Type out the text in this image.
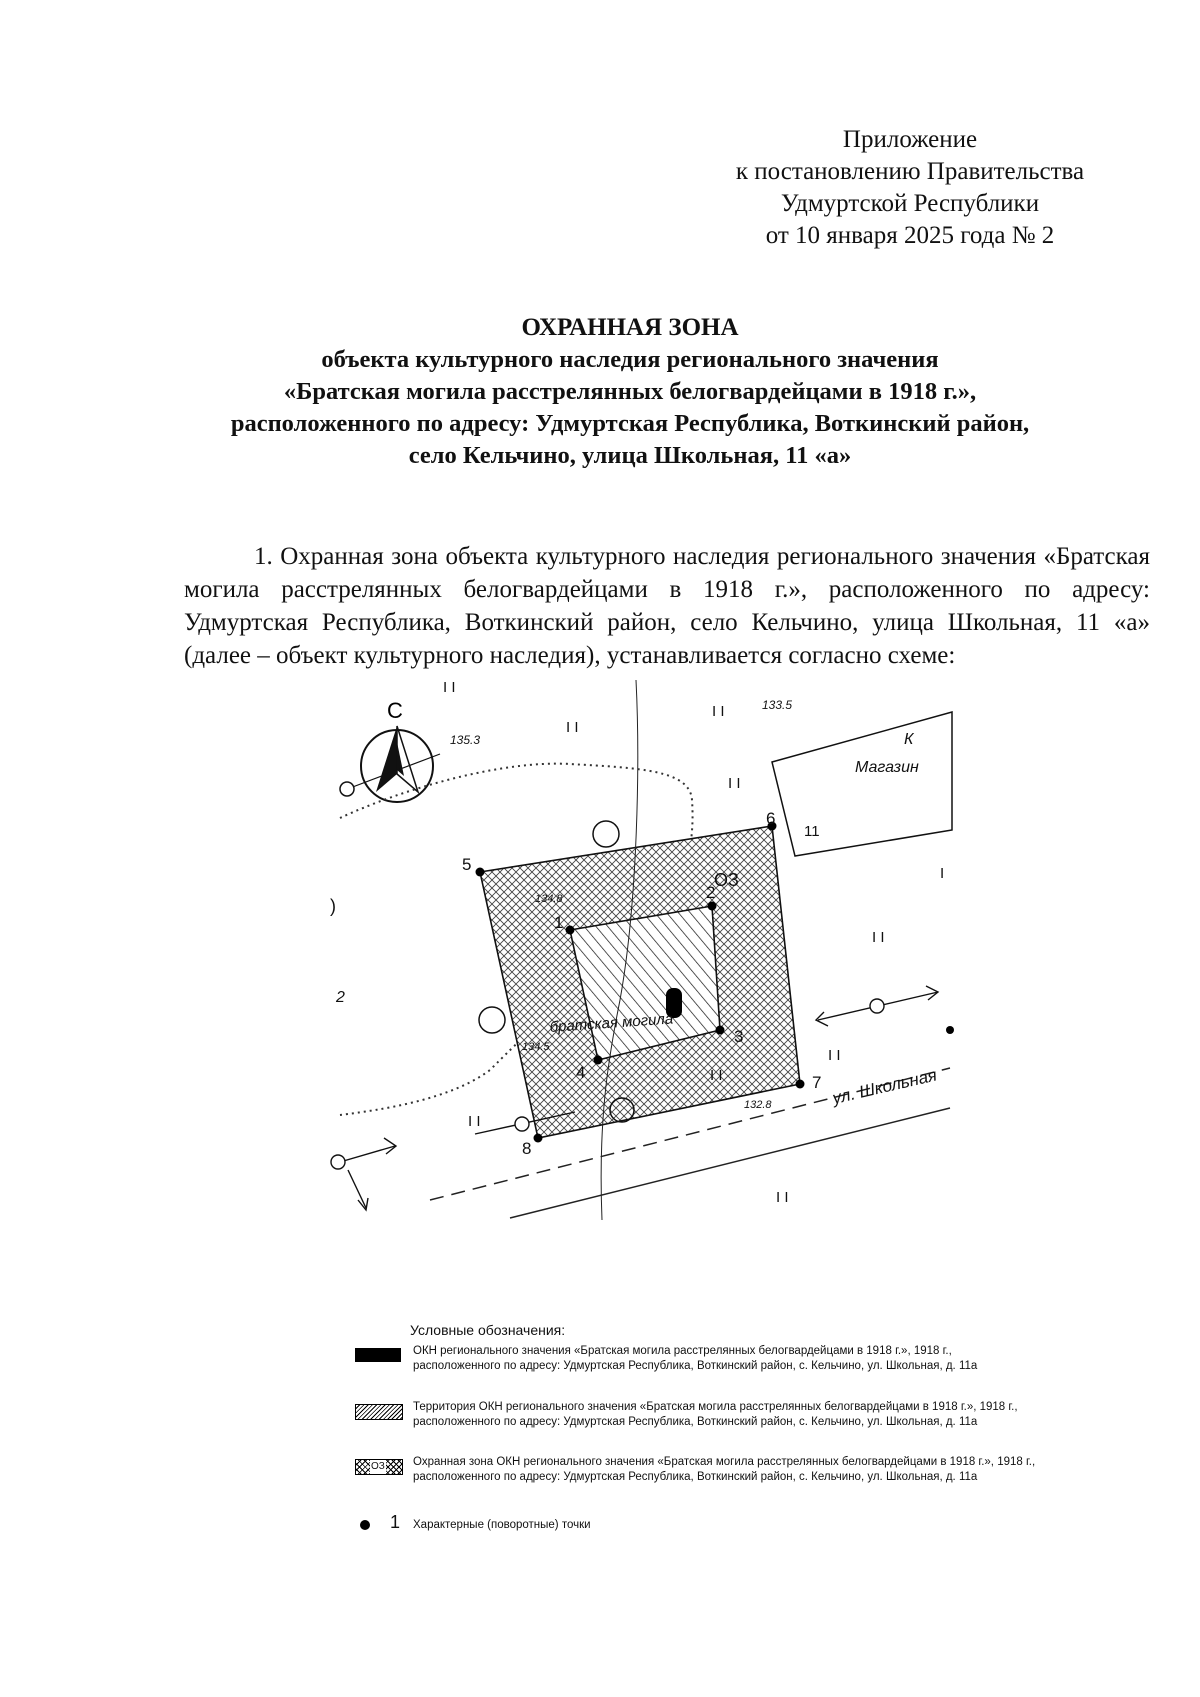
Приложение
к постановлению Правительства
Удмуртской Республики
от 10 января 2025 года № 2
ОХРАННАЯ ЗОНА
объекта культурного наследия регионального значения
«Братская могила расстрелянных белогвардейцами в 1918 г.»,
расположенного по адресу: Удмуртская Республика, Воткинский район,
село Кельчино, улица Школьная, 11 «а»

1. Охранная зона объекта культурного наследия регионального значения «Братская могила расстрелянных белогвардейцами в 1918 г.», расположенного по адресу: Удмуртская Республика, Воткинский район, село Кельчино, улица Школьная, 11 «а» (далее – объект культурного наследия), устанавливается согласно схеме:

С
1
2
3
4
5
6
7
8
ОЗ
11
135.3
133.5
134.8
134.5
132.8
К
Магазин
братская могила
ул. Школьная
2
)
I I
I I
I I
I I
I I
I I
I I
I I
I I
I
Условные обозначения:
ОКН регионального значения «Братская могила расстрелянных белогвардейцами в 1918 г.», 1918 г., расположенного по адресу: Удмуртская Республика, Воткинский район, с. Кельчино, ул. Школьная, д. 11а
Территория ОКН регионального значения «Братская могила расстрелянных белогвардейцами в 1918 г.», 1918 г., расположенного по адресу: Удмуртская Республика, Воткинский район, с. Кельчино, ул. Школьная, д. 11а
ОЗ Охранная зона ОКН регионального значения «Братская могила расстрелянных белогвардейцами в 1918 г.», 1918 г., расположенного по адресу: Удмуртская Республика, Воткинский район, с. Кельчино, ул. Школьная, д. 11а
1 Характерные (поворотные) точки
